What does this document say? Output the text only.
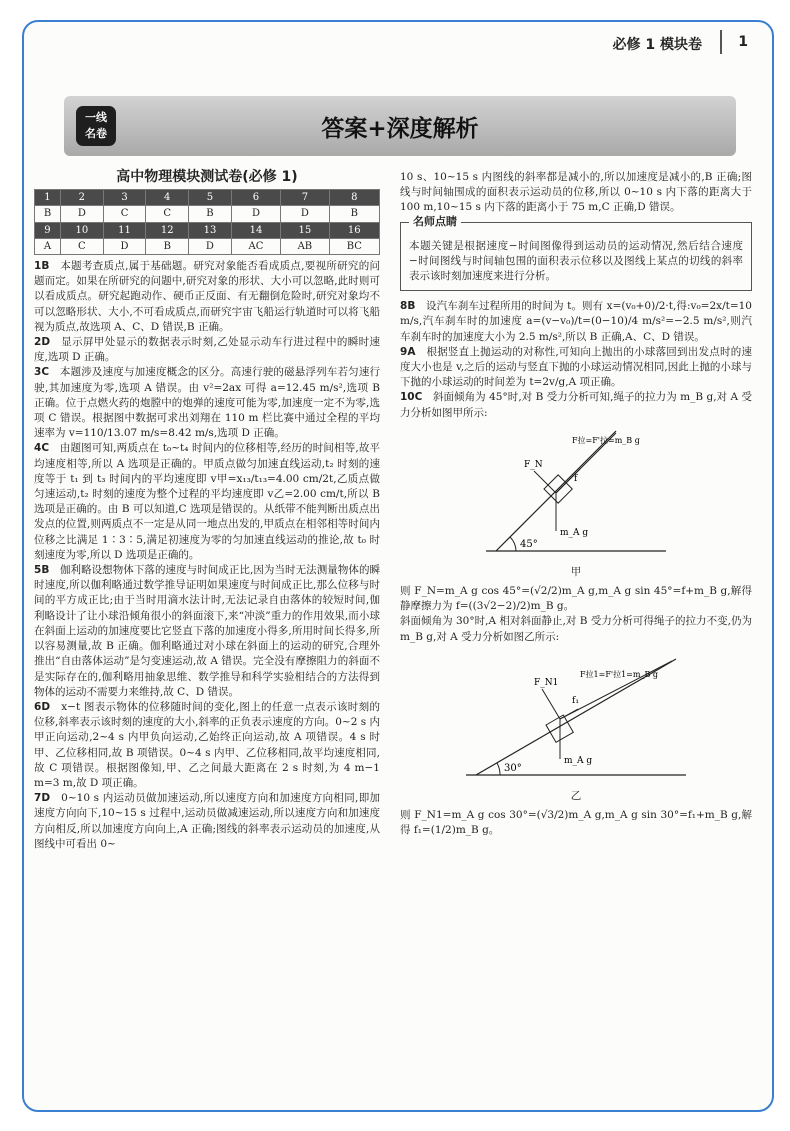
必修 1 模块卷	1
一线
名卷	答案+深度解析
高中物理模块测试卷(必修 1)
1	2	3	4	5	6	7	8
B	D	C	C	B	D	D	B
9	10	11	12	13	14	15	16
A	C	D	B	D	AC	AB	BC

1B　 本题考查质点,属于基础题。研究对象能否看成质点,要视所研究的问题而定。如果在所研究的问题中,研究对象的形状、大小可以忽略,此时则可以看成质点。研究起跑动作、硬币正反面、有无翻倒危险时,研究对象均不可以忽略形状、大小,不可看成质点,而研究宇宙飞船运行轨道时可以将飞船视为质点,故选项 A、C、D 错误,B 正确。

2D　 显示屏甲处显示的数据表示时刻,乙处显示动车行进过程中的瞬时速度,选项 D 正确。

3C　 本题涉及速度与加速度概念的区分。高速行驶的磁悬浮列车若匀速行驶,其加速度为零,选项 A 错误。由 v²=2ax 可得 a=12.45 m/s²,选项 B 正确。位于点燃火药的炮膛中的炮弹的速度可能为零,加速度一定不为零,选项 C 错误。根据图中数据可求出刘翔在 110 m 栏比赛中通过全程的平均速率为 v=110/13.07 m/s=8.42 m/s,选项 D 正确。

4C　 由题图可知,两质点在 t₀~t₄ 时间内的位移相等,经历的时间相等,故平均速度相等,所以 A 选项是正确的。甲质点做匀加速直线运动,t₂ 时刻的速度等于 t₁ 到 t₃ 时间内的平均速度即 v甲=x₁₃/t₁₃=4.00 cm/2t,乙质点做匀速运动,t₂ 时刻的速度为整个过程的平均速度即 v乙=2.00 cm/t,所以 B 选项是正确的。由 B 可以知道,C 选项是错误的。从纸带不能判断出质点出发点的位置,则两质点不一定是从同一地点出发的,甲质点在相邻相等时间内位移之比满足 1∶3∶5,满足初速度为零的匀加速直线运动的推论,故 t₀ 时刻速度为零,所以 D 选项是正确的。

5B　 伽利略设想物体下落的速度与时间成正比,因为当时无法测量物体的瞬时速度,所以伽利略通过数学推导证明如果速度与时间成正比,那么位移与时间的平方成正比;由于当时用滴水法计时,无法记录自由落体的较短时间,伽利略设计了让小球沿倾角很小的斜面滚下,来“冲淡”重力的作用效果,而小球在斜面上运动的加速度要比它竖直下落的加速度小得多,所用时间长得多,所以容易测量,故 B 正确。伽利略通过对小球在斜面上的运动的研究,合理外推出“自由落体运动”是匀变速运动,故 A 错误。完全没有摩擦阻力的斜面不是实际存在的,伽利略用抽象思维、数学推导和科学实验相结合的方法得到物体的运动不需要力来维持,故 C、D 错误。

6D　 x−t 图表示物体的位移随时间的变化,图上的任意一点表示该时刻的位移,斜率表示该时刻的速度的大小,斜率的正负表示速度的方向。0~2 s 内甲正向运动,2~4 s 内甲负向运动,乙始终正向运动,故 A 项错误。4 s 时甲、乙位移相同,故 B 项错误。0~4 s 内甲、乙位移相同,故平均速度相同,故 C 项错误。根据图像知,甲、乙之间最大距离在 2 s 时刻,为 4 m−1 m=3 m,故 D 项正确。

7D　 0~10 s 内运动员做加速运动,所以速度方向和加速度方向相同,即加速度方向向下,10~15 s 过程中,运动员做减速运动,所以速度方向和加速度方向相反,所以加速度方向向上,A 正确;图线的斜率表示运动员的加速度,从图线中可看出 0~

10 s、10~15 s 内图线的斜率都是减小的,所以加速度是减小的,B 正确;图线与时间轴围成的面积表示运动员的位移,所以 0~10 s 内下落的距离大于 100 m,10~15 s 内下落的距离小于 75 m,C 正确,D 错误。

名师点睛

本题关键是根据速度−时间图像得到运动员的运动情况,然后结合速度−时间图线与时间轴包围的面积表示位移以及图线上某点的切线的斜率表示该时刻加速度来进行分析。

8B　 设汽车刹车过程所用的时间为 t。则有 x=(v₀+0)/2·t,得:v₀=2x/t=10 m/s,汽车刹车时的加速度 a=(v−v₀)/t=(0−10)/4 m/s²=−2.5 m/s²,则汽车刹车时的加速度大小为 2.5 m/s²,所以 B 正确,A、C、D 错误。

9A　 根据竖直上抛运动的对称性,可知向上抛出的小球落回到出发点时的速度大小也是 v,之后的运动与竖直下抛的小球运动情况相同,因此上抛的小球与下抛的小球运动的时间差为 t=2v/g,A 项正确。

10C　 斜面倾角为 45°时,对 B 受力分析可知,绳子的拉力为 m_B g,对 A 受力分析如图甲所示:

45°
F_N
F拉=F'拉=m_B g
f
m_A g
甲

则 F_N=m_A g cos 45°=(√2/2)m_A g,m_A g sin 45°=f+m_B g,解得静摩擦力为 f=((3√2−2)/2)m_B g。

斜面倾角为 30°时,A 相对斜面静止,对 B 受力分析可得绳子的拉力不变,仍为 m_B g,对 A 受力分析如图乙所示:

30°
F_N1
F拉1=F'拉1=m_B g
f₁
m_A g
乙

则 F_N1=m_A g cos 30°=(√3/2)m_A g,m_A g sin 30°=f₁+m_B g,解得 f₁=(1/2)m_B g。
